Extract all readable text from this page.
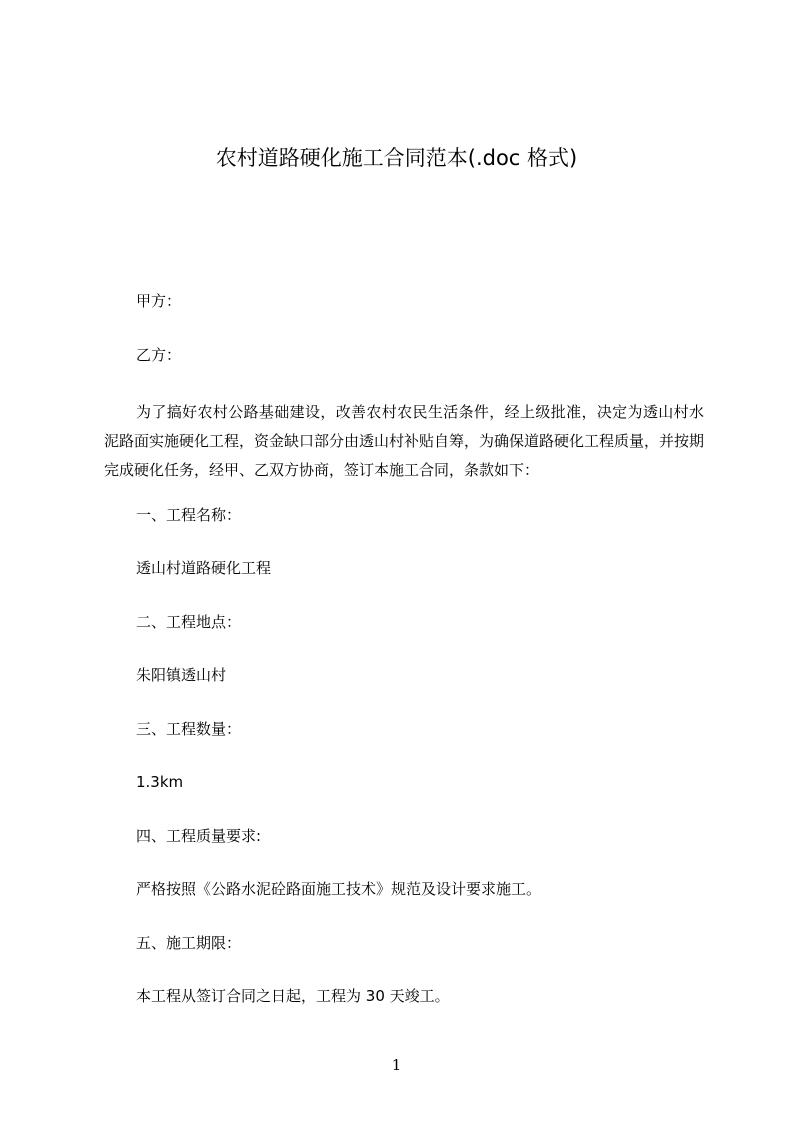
农村道路硬化施工合同范本(.doc 格式)
甲方：
乙方：
为了搞好农村公路基础建设，改善农村农民生活条件，经上级批准，决定为透山村水泥路面实施硬化工程，资金缺口部分由透山村补贴自筹，为确保道路硬化工程质量，并按期完成硬化任务，经甲、乙双方协商，签订本施工合同，条款如下：
一、工程名称：
透山村道路硬化工程
二、工程地点：
朱阳镇透山村
三、工程数量：
1.3km
四、工程质量要求:
严格按照《公路水泥砼路面施工技术》规范及设计要求施工。
五、施工期限：
本工程从签订合同之日起，工程为 30 天竣工。
1
